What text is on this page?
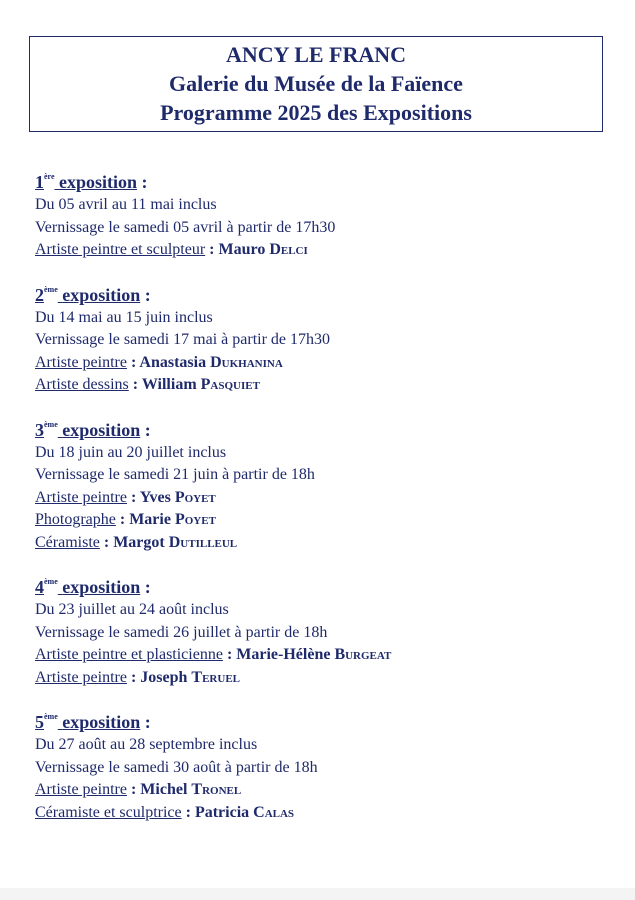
ANCY LE FRANC
Galerie du Musée de la Faïence
Programme 2025 des Expositions
1ère exposition :
Du 05 avril au 11 mai inclus
Vernissage le samedi 05 avril à partir de 17h30
Artiste peintre et sculpteur : Mauro Delci
2ème exposition :
Du 14 mai au 15 juin inclus
Vernissage le samedi 17 mai à partir de 17h30
Artiste peintre : Anastasia Dukhanina
Artiste dessins : William Pasquiet
3ème exposition :
Du 18 juin au 20 juillet inclus
Vernissage le samedi 21 juin à partir de 18h
Artiste peintre : Yves Poyet
Photographe : Marie Poyet
Céramiste : Margot Dutilleul
4ème exposition :
Du 23 juillet au 24 août inclus
Vernissage le samedi 26 juillet à partir de 18h
Artiste peintre et plasticienne : Marie-Hélène Burgeat
Artiste peintre : Joseph Teruel
5ème exposition :
Du 27 août au 28 septembre inclus
Vernissage le samedi 30 août à partir de 18h
Artiste peintre : Michel Tronel
Céramiste et sculptrice : Patricia Calas
